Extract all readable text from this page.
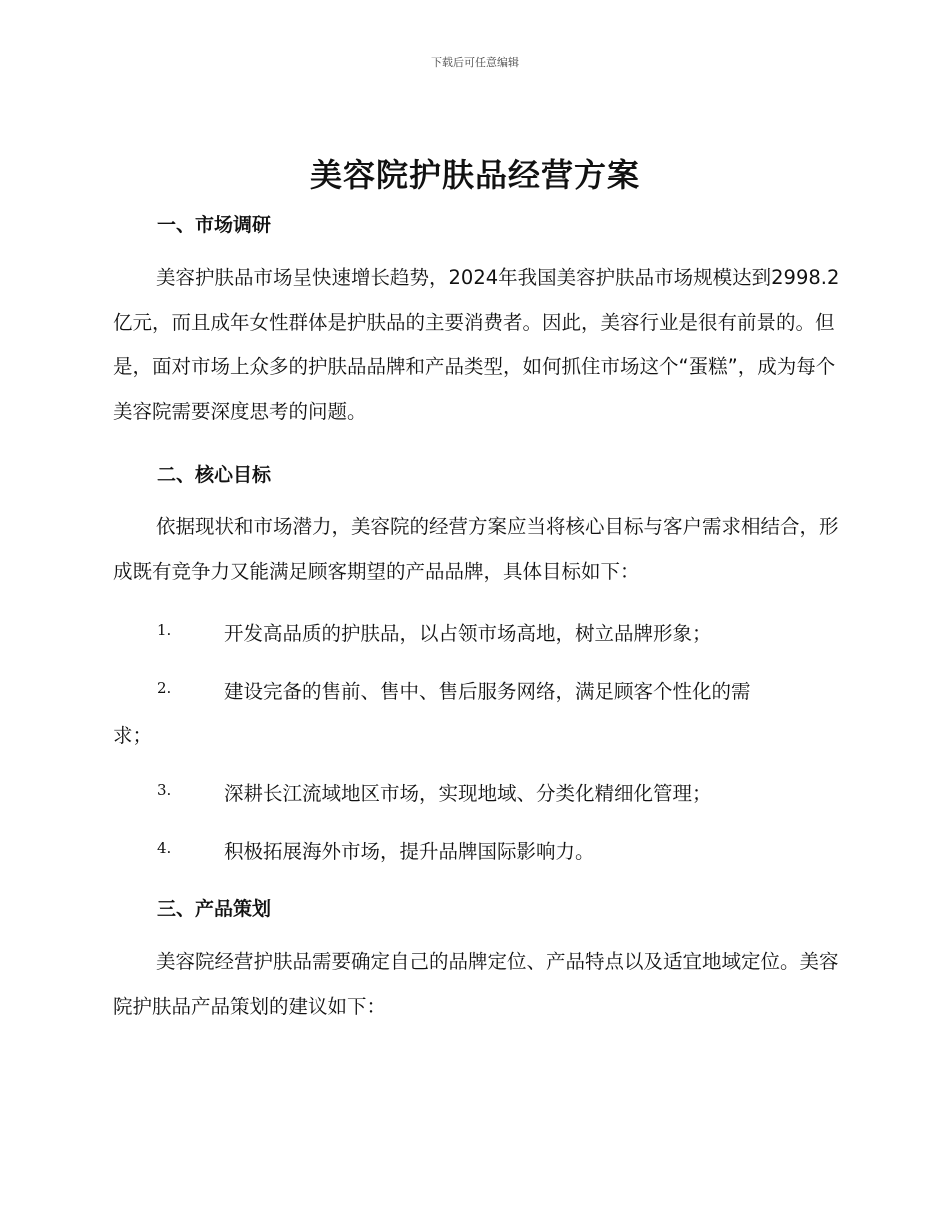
下载后可任意编辑
美容院护肤品经营方案
一、市场调研

美容护肤品市场呈快速增长趋势，2024年我国美容护肤品市场规模达到2998.2亿元，而且成年女性群体是护肤品的主要消费者。因此，美容行业是很有前景的。但是，面对市场上众多的护肤品品牌和产品类型，如何抓住市场这个“蛋糕”，成为每个美容院需要深度思考的问题。

二、核心目标

依据现状和市场潜力，美容院的经营方案应当将核心目标与客户需求相结合，形成既有竞争力又能满足顾客期望的产品品牌，具体目标如下：

1.	开发高品质的护肤品，以占领市场高地，树立品牌形象；
2.	建设完备的售前、售中、售后服务网络，满足顾客个性化的需
求；
3.	深耕长江流域地区市场，实现地域、分类化精细化管理；
4.	积极拓展海外市场，提升品牌国际影响力。
三、产品策划

美容院经营护肤品需要确定自己的品牌定位、产品特点以及适宜地域定位。美容院护肤品产品策划的建议如下：
